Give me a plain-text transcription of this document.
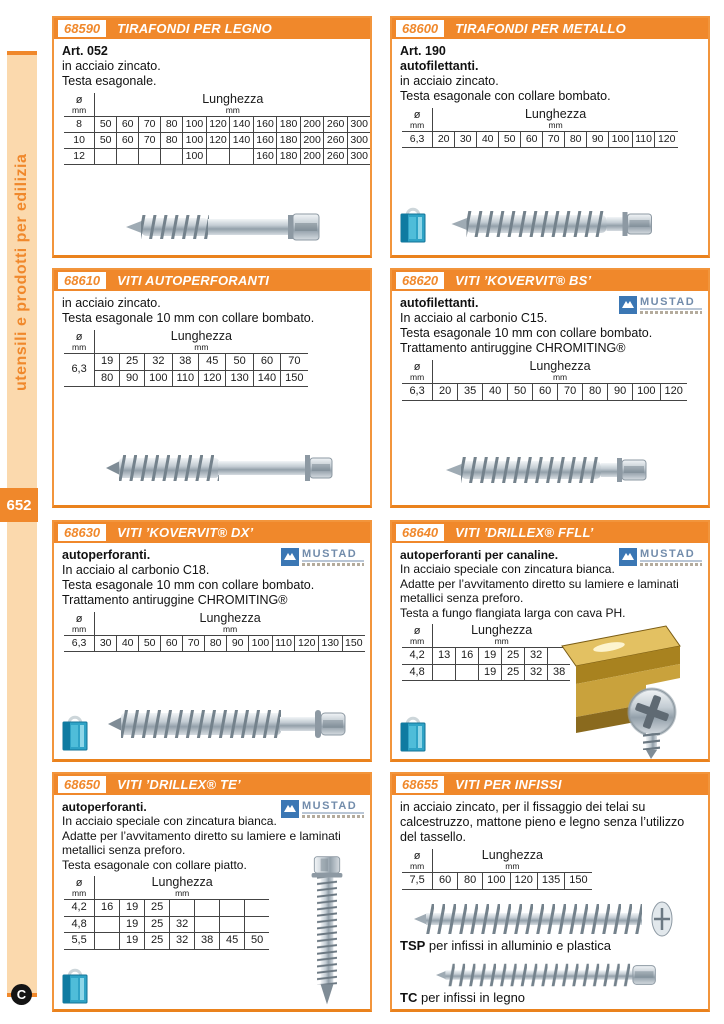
utensili e prodotti per edilizia
652
C
68590	TIRAFONDI PER LEGNO
Art. 052
in acciaio zincato.
Testa esagonale.
ø
mm

Lunghezza
mm

8	50	60	70	80	100	120	140	160	180	200	260	300
10	50	60	70	80	100	120	140	160	180	200	260	300
12					100			160	180	200	260	300
68600	TIRAFONDI PER METALLO
Art. 190
autofilettanti.
in acciaio zincato.
Testa esagonale con collare bombato.
ø
mm

Lunghezza
mm

6,3	20	30	40	50	60	70	80	90	100	110	120
68610	VITI AUTOPERFORANTI
in acciaio zincato.
Testa esagonale 10 mm con collare bombato.
ø
mm

Lunghezza
mm

6,3	19	25	32	38	45	50	60	70
	80	90	100	110	120	130	140	150
68620	VITI ’KOVERVIT® BS’
MUSTAD
autofilettanti.
In acciaio al carbonio C15.
Testa esagonale 10 mm con collare bombato.
Trattamento antiruggine CHROMITING®
ø
mm

Lunghezza
mm

6,3	20	35	40	50	60	70	80	90	100	120
68630	VITI ’KOVERVIT® DX’
MUSTAD
autoperforanti.
In acciaio al carbonio C18.
Testa esagonale 10 mm con collare bombato.
Trattamento antiruggine CHROMITING®
ø
mm

Lunghezza
mm

6,3	30	40	50	60	70	80	90	100	110	120	130	150
68640	VITI ’DRILLEX® FFLL’
MUSTAD
autoperforanti per canaline.
In acciaio speciale con zincatura bianca.
Adatte per l’avvitamento diretto su lamiere e laminati metallici senza preforo.
Testa a fungo flangiata larga con cava PH.
ø
mm

Lunghezza
mm

4,2	13	16	19	25	32	
4,8			19	25	32	38
68650	VITI ’DRILLEX® TE’
MUSTAD
autoperforanti.
In acciaio speciale con zincatura bianca.
Adatte per l’avvitamento diretto su lamiere e laminati metallici senza preforo.
Testa esagonale con collare piatto.
ø
mm

Lunghezza
mm

4,2	16	19	25				
4,8		19	25	32			
5,5		19	25	32	38	45	50
68655	VITI PER INFISSI
in acciaio zincato, per il fissaggio dei telai su calcestruzzo, mattone pieno e legno senza l’utilizzo del tassello.
ø
mm

Lunghezza
mm

7,5	60	80	100	120	135	150
TSP per infissi in alluminio e plastica
TC per infissi in legno
